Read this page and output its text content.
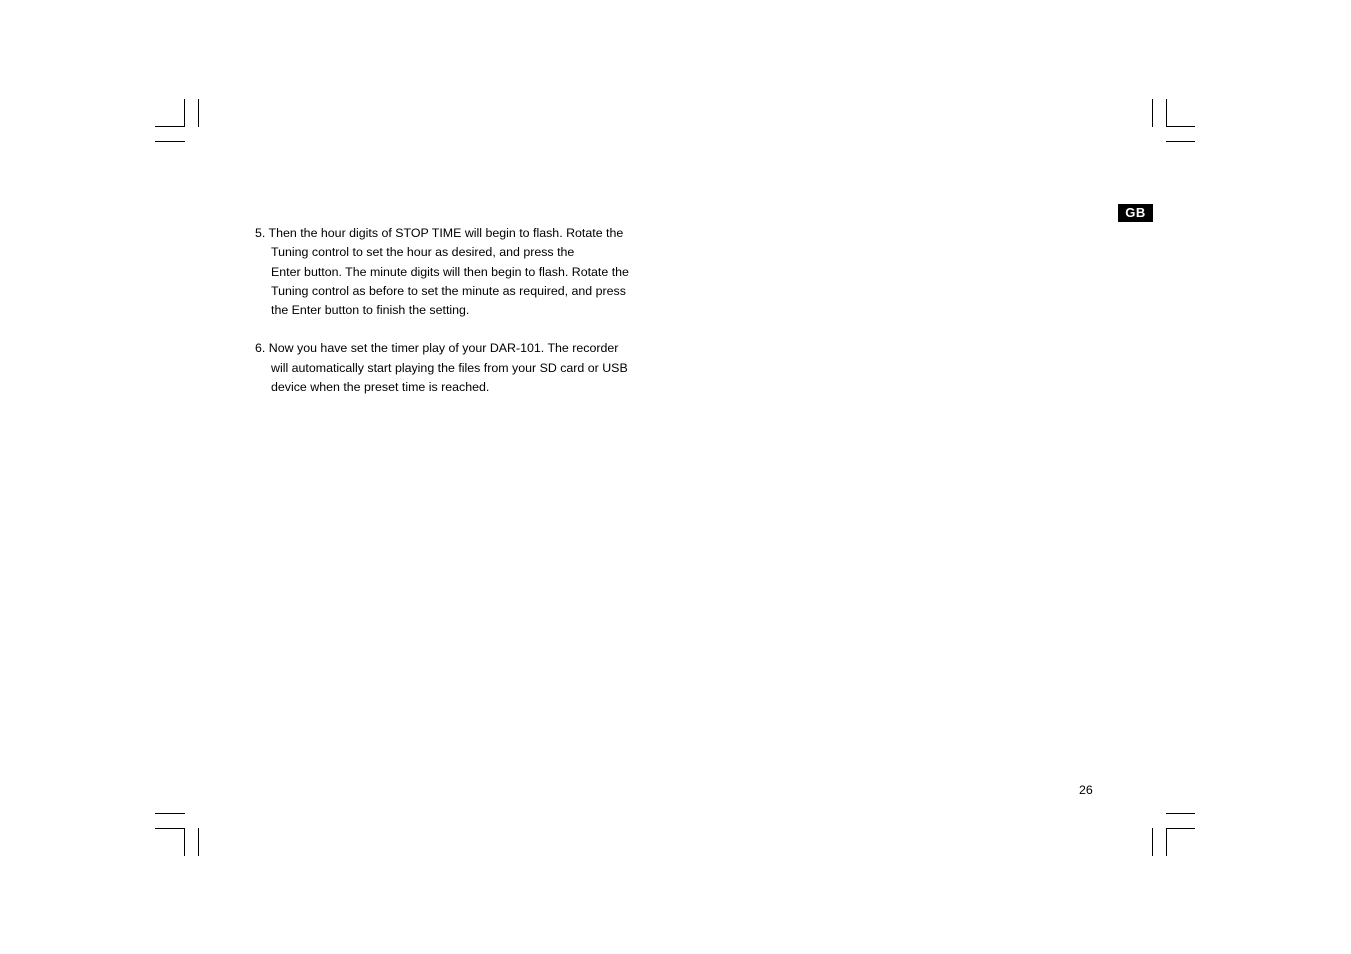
GB

5. Then the hour digits of STOP TIME will begin to flash. Rotate the
Tuning control to set the hour as desired, and press the
Enter button. The minute digits will then begin to flash. Rotate the
Tuning control as before to set the minute as required, and press
the Enter button to finish the setting.

6. Now you have set the timer play of your DAR-101. The recorder
will automatically start playing the files from your SD card or USB
device when the preset time is reached.

26
